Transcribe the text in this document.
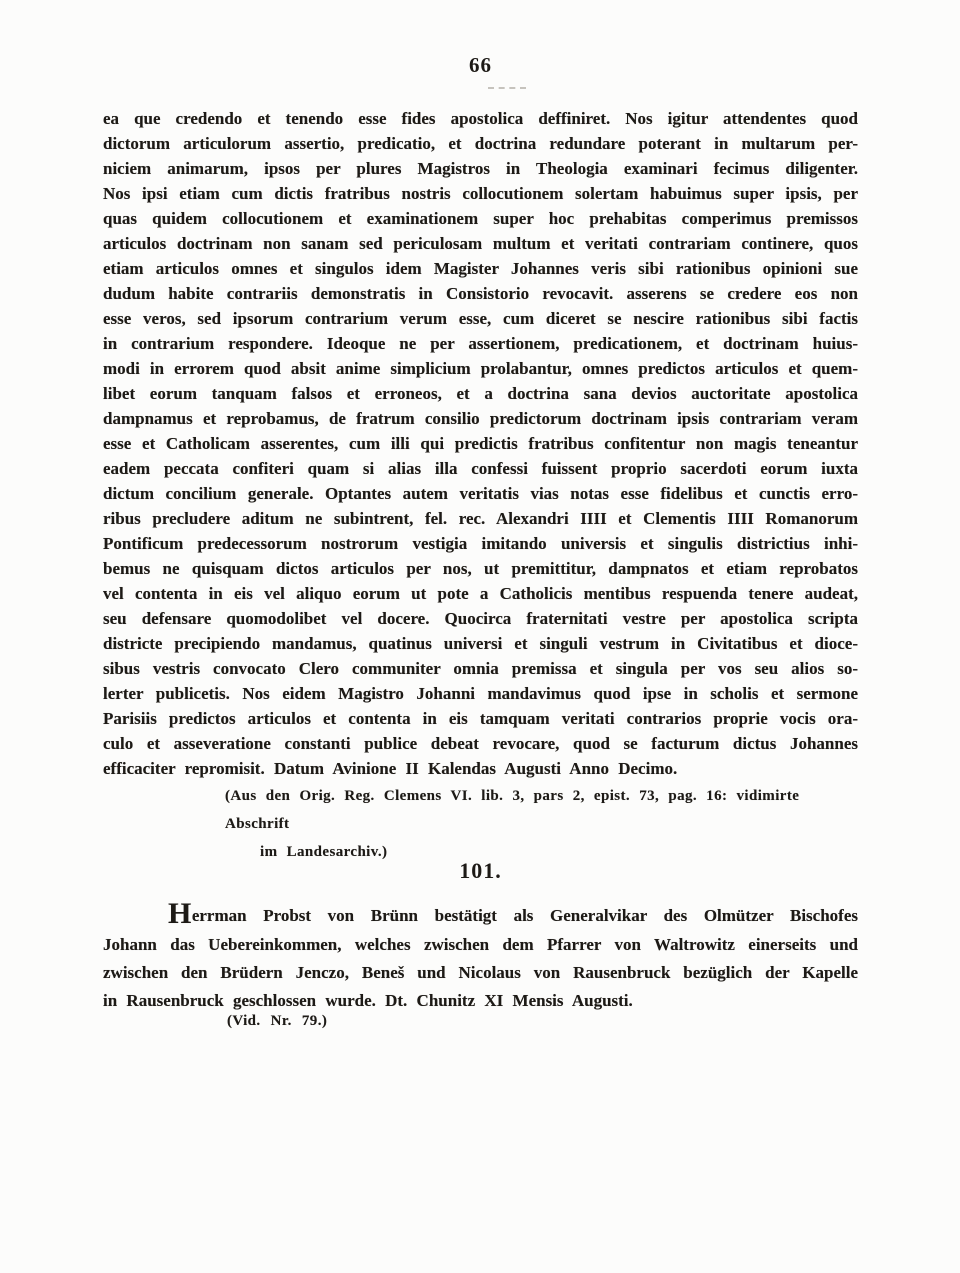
66
ea que credendo et tenendo esse fides apostolica deffiniret. Nos igitur attendentes quod
dictorum articulorum assertio, predicatio, et doctrina redundare poterant in multarum per-
niciem animarum, ipsos per plures Magistros in Theologia examinari fecimus diligenter.
Nos ipsi etiam cum dictis fratribus nostris collocutionem solertam habuimus super ipsis, per
quas quidem collocutionem et examinationem super hoc prehabitas comperimus premissos
articulos doctrinam non sanam sed periculosam multum et veritati contrariam continere, quos
etiam articulos omnes et singulos idem Magister Johannes veris sibi rationibus opinioni sue
dudum habite contrariis demonstratis in Consistorio revocavit. asserens se credere eos non
esse veros, sed ipsorum contrarium verum esse, cum diceret se nescire rationibus sibi factis
in contrarium respondere. Ideoque ne per assertionem, predicationem, et doctrinam huius-
modi in errorem quod absit anime simplicium prolabantur, omnes predictos articulos et quem-
libet eorum tanquam falsos et erroneos, et a doctrina sana devios auctoritate apostolica
dampnamus et reprobamus, de fratrum consilio predictorum doctrinam ipsis contrariam veram
esse et Catholicam asserentes, cum illi qui predictis fratribus confitentur non magis teneantur
eadem peccata confiteri quam si alias illa confessi fuissent proprio sacerdoti eorum iuxta
dictum concilium generale. Optantes autem veritatis vias notas esse fidelibus et cunctis erro-
ribus precludere aditum ne subintrent, fel. rec. Alexandri IIII et Clementis IIII Romanorum
Pontificum predecessorum nostrorum vestigia imitando universis et singulis districtius inhi-
bemus ne quisquam dictos articulos per nos, ut premittitur, dampnatos et etiam reprobatos
vel contenta in eis vel aliquo eorum ut pote a Catholicis mentibus respuenda tenere audeat,
seu defensare quomodolibet vel docere. Quocirca fraternitati vestre per apostolica scripta
districte precipiendo mandamus, quatinus universi et singuli vestrum in Civitatibus et dioce-
sibus vestris convocato Clero communiter omnia premissa et singula per vos seu alios so-
lerter publicetis. Nos eidem Magistro Johanni mandavimus quod ipse in scholis et sermone
Parisiis predictos articulos et contenta in eis tamquam veritati contrarios proprie vocis ora-
culo et asseveratione constanti publice debeat revocare, quod se facturum dictus Johannes
efficaciter repromisit. Datum Avinione II Kalendas Augusti Anno Decimo.
(Aus den Orig. Reg. Clemens VI. lib. 3, pars 2, epist. 73, pag. 16: vidimirte Abschrift
im Landesarchiv.)
101.
Herrman Probst von Brünn bestätigt als Generalvikar des Olmützer Bischofes
Johann das Uebereinkommen, welches zwischen dem Pfarrer von Waltrowitz einerseits und
zwischen den Brüdern Jenczo, Beneš und Nicolaus von Rausenbruck bezüglich der Kapelle
in Rausenbruck geschlossen wurde. Dt. Chunitz XI Mensis Augusti.
(Vid. Nr. 79.)
